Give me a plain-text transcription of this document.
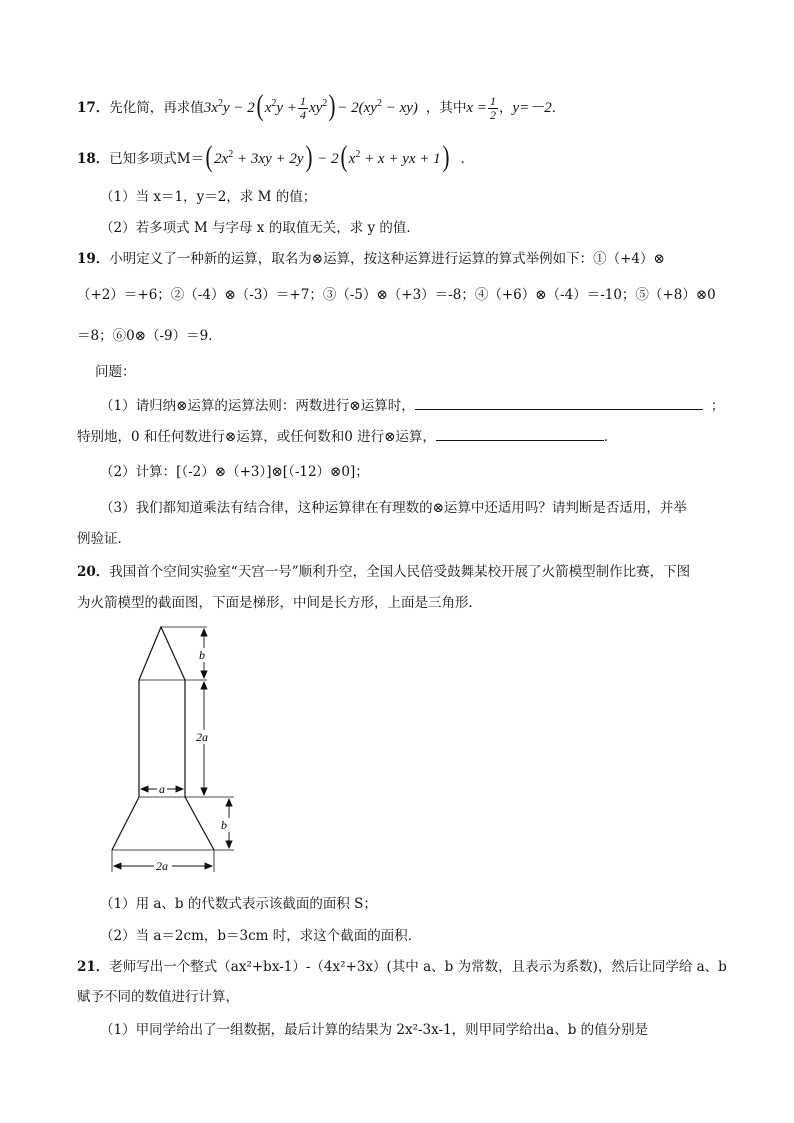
17．先化简，再求值$3x^2y - 2$( $x^2y + \frac{1}{4} xy^2) - 2(xy^2 - xy)$ ，其中$x = \frac{1}{2}$ ，y=－2．
18．已知多项式M＝( $2x^2 + 3xy + 2y) - 2$( $x^2 + x$ + yx + 1) ．
（1）当 x＝1，y＝2，求 M 的值；
（2）若多项式 M 与字母 x 的取值无关，求 y 的值．
19．小明定义了一种新的运算，取名为⊗运算，按这种运算进行运算的算式举例如下：①（+4）⊗
（+2）＝+6；②（-4）⊗（-3）＝+7；③（-5）⊗（+3）＝-8；④（+6）⊗（-4）＝-10；⑤（+8）⊗0
＝8；⑥0⊗（-9）＝9．
问题：
（1）请归纳⊗运算的运算法则：两数进行⊗运算时，	；
特别地，0 和任何数进行⊗运算，或任何数和0 进行⊗运算，	．
（2）计算：[（-2）⊗（+3）]⊗[（-12）⊗0]；
（3）我们都知道乘法有结合律，这种运算律在有理数的⊗运算中还适用吗？请判断是否适用，并举
例验证．
20．我国首个空间实验室“天宫一号”顺利升空，全国人民倍受鼓舞某校开展了火箭模型制作比赛，下图
为火箭模型的截面图，下面是梯形，中间是长方形，上面是三角形．
b
2a
a
b
2a
（1）用 a、b 的代数式表示该截面的面积 S；
（2）当 a＝2cm，b＝3cm 时，求这个截面的面积．
21．老师写出一个整式（ax²+bx-1）-（4x²+3x）(其中 a、b 为常数，且表示为系数)，然后让同学给 a、b
赋予不同的数值进行计算，
（1）甲同学给出了一组数据，最后计算的结果为 2x²-3x-1，则甲同学给出a、b 的值分别是
